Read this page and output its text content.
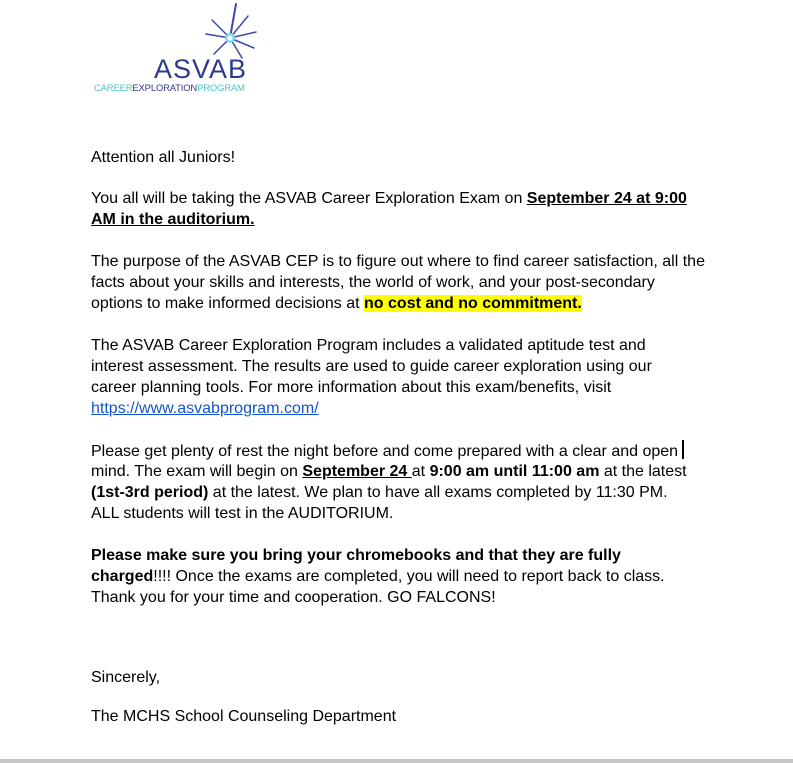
ASVAB
CAREEREXPLORATIONPROGRAM
Attention all Juniors!
You all will be taking the ASVAB Career Exploration Exam on September 24 at 9:00
AM in the auditorium.
The purpose of the ASVAB CEP is to figure out where to find career satisfaction, all the
facts about your skills and interests, the world of work, and your post-secondary
options to make informed decisions at no cost and no commitment.
The ASVAB Career Exploration Program includes a validated aptitude test and
interest assessment. The results are used to guide career exploration using our
career planning tools. For more information about this exam/benefits, visit
https://www.asvabprogram.com/
Please get plenty of rest the night before and come prepared with a clear and open
mind. The exam will begin on September 24 at 9:00 am until 11:00 am at the latest
(1st-3rd period) at the latest. We plan to have all exams completed by 11:30 PM.
ALL students will test in the AUDITORIUM.
Please make sure you bring your chromebooks and that they are fully
charged!!!! Once the exams are completed, you will need to report back to class.
Thank you for your time and cooperation. GO FALCONS!
Sincerely,
The MCHS School Counseling Department
